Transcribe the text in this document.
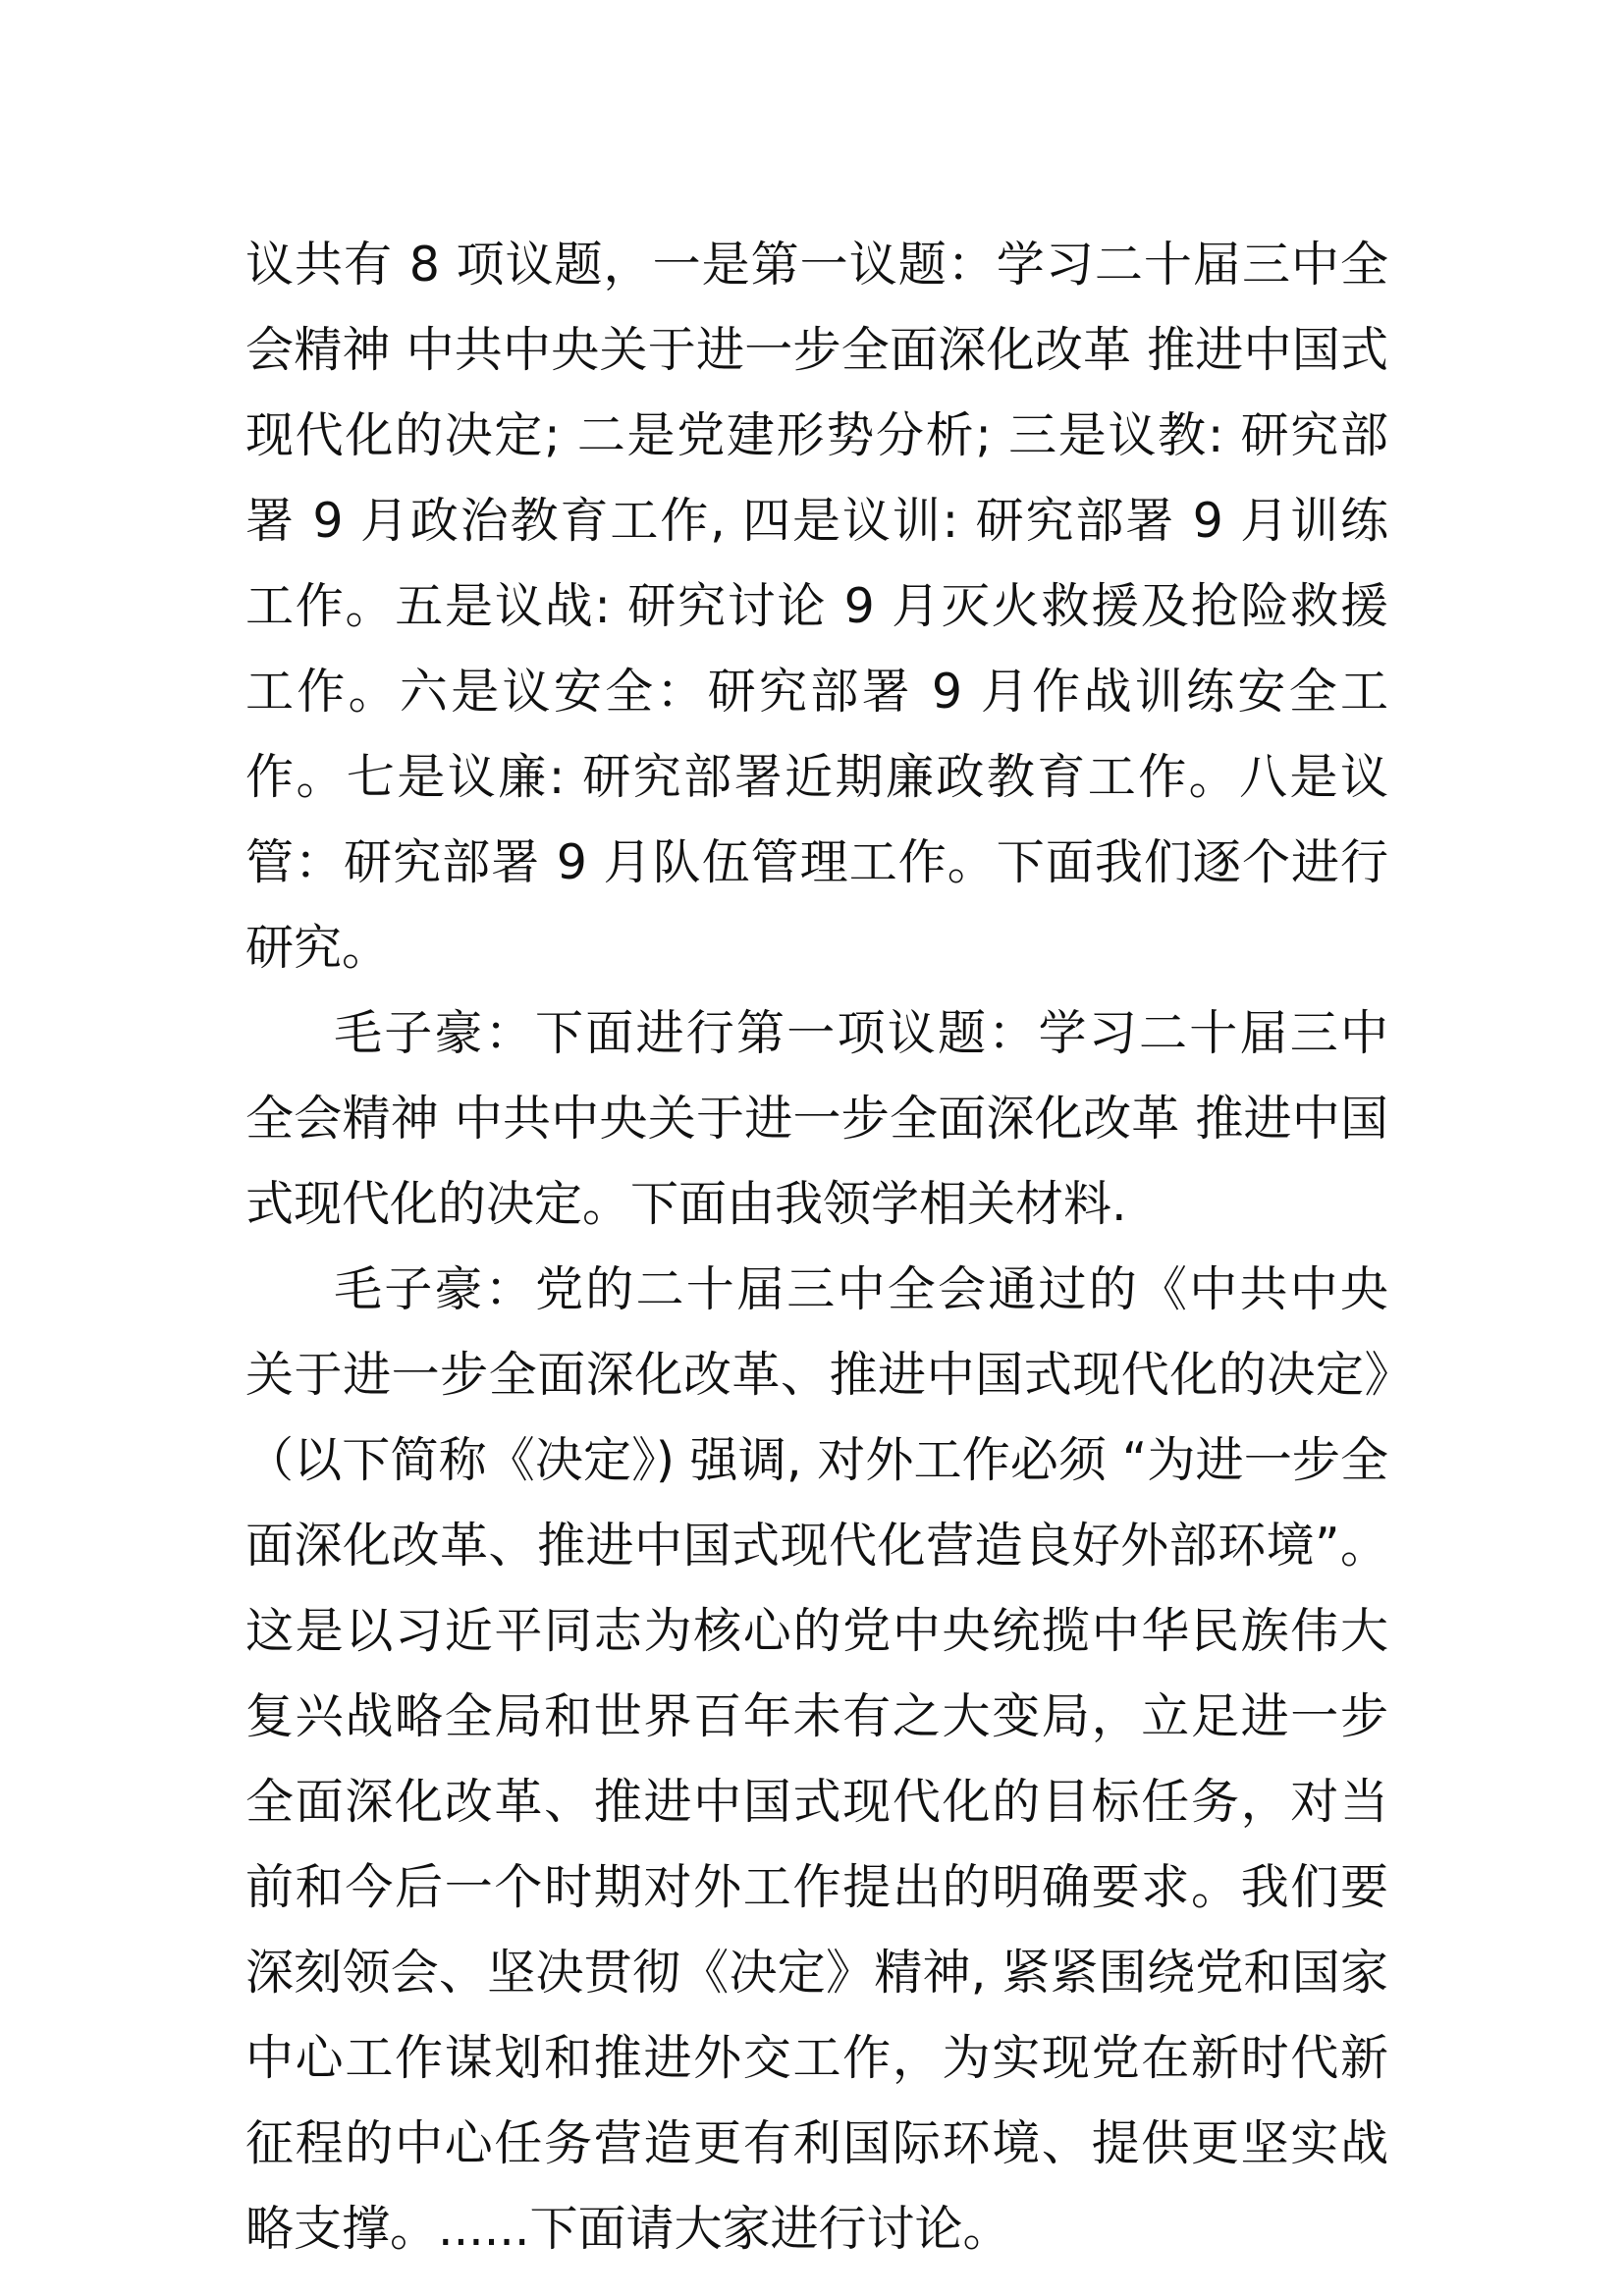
议共有 8 项议题，一是第一议题：学习二十届三中全会精神 中共中央关于进一步全面深化改革 推进中国式现代化的决定; 二是党建形势分析; 三是议教: 研究部署 9 月政治教育工作, 四是议训: 研究部署 9 月训练工作。五是议战: 研究讨论 9 月灭火救援及抢险救援工作。六是议安全：研究部署 9 月作战训练安全工作。七是议廉: 研究部署近期廉政教育工作。八是议管：研究部署 9 月队伍管理工作。下面我们逐个进行研究。

毛子豪：下面进行第一项议题：学习二十届三中全会精神 中共中央关于进一步全面深化改革 推进中国式现代化的决定。下面由我领学相关材料.

毛子豪：党的二十届三中全会通过的《中共中央关于进一步全面深化改革、推进中国式现代化的决定》（以下简称《决定》) 强调, 对外工作必须 “为进一步全面深化改革、推进中国式现代化营造良好外部环境”。这是以习近平同志为核心的党中央统揽中华民族伟大复兴战略全局和世界百年未有之大变局，立足进一步全面深化改革、推进中国式现代化的目标任务，对当前和今后一个时期对外工作提出的明确要求。我们要深刻领会、坚决贯彻《决定》精神, 紧紧围绕党和国家中心工作谋划和推进外交工作，为实现党在新时代新征程的中心任务营造更有利国际环境、提供更坚实战略支撑。......下面请大家进行讨论。
